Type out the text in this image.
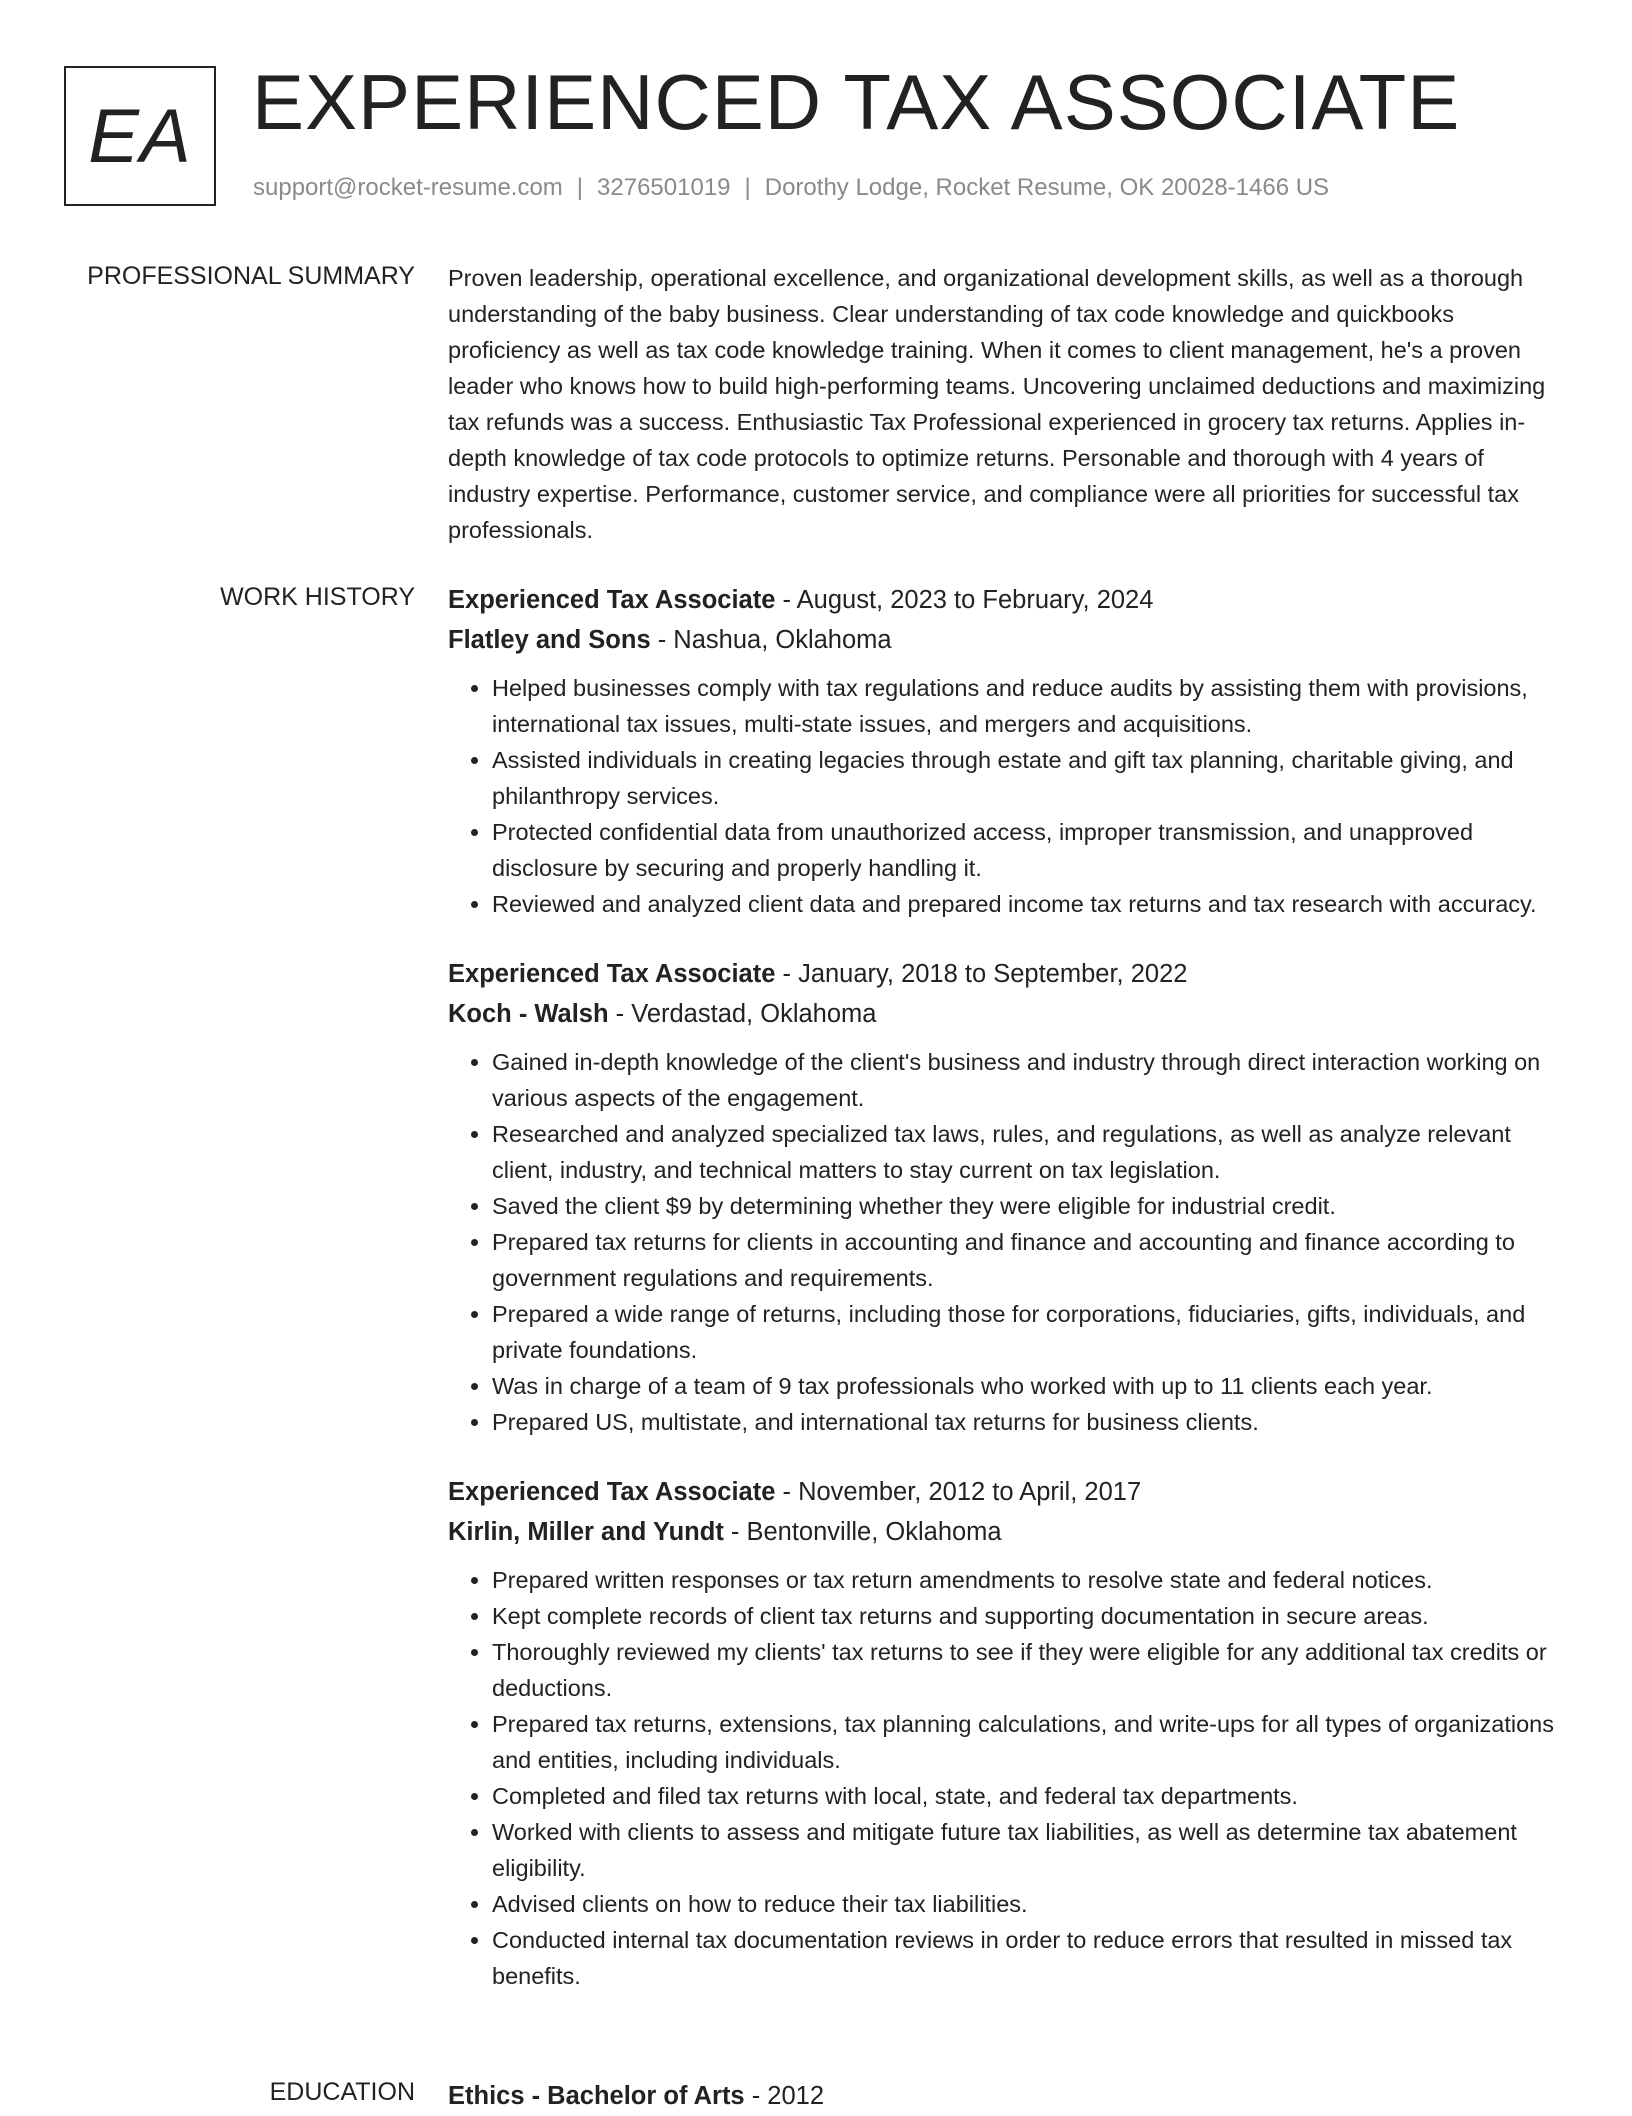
EA EXPERIENCED TAX ASSOCIATE
support@rocket-resume.com | 3276501019 | Dorothy Lodge, Rocket Resume, OK 20028-1466 US
PROFESSIONAL SUMMARY Proven leadership, operational excellence, and organizational development skills, as well as a thorough understanding of the baby business. Clear understanding of tax code knowledge and quickbooks proficiency as well as tax code knowledge training. When it comes to client management, he's a proven leader who knows how to build high-performing teams. Uncovering unclaimed deductions and maximizing tax refunds was a success. Enthusiastic Tax Professional experienced in grocery tax returns. Applies in-depth knowledge of tax code protocols to optimize returns. Personable and thorough with 4 years of industry expertise. Performance, customer service, and compliance were all priorities for successful tax professionals.
WORK HISTORY Experienced Tax Associate - August, 2023 to February, 2024
Flatley and Sons - Nashua, Oklahoma
• Helped businesses comply with tax regulations and reduce audits by assisting them with provisions, international tax issues, multi-state issues, and mergers and acquisitions.
• Assisted individuals in creating legacies through estate and gift tax planning, charitable giving, and philanthropy services.
• Protected confidential data from unauthorized access, improper transmission, and unapproved disclosure by securing and properly handling it.
• Reviewed and analyzed client data and prepared income tax returns and tax research with accuracy.
Experienced Tax Associate - January, 2018 to September, 2022
Koch - Walsh - Verdastad, Oklahoma
• Gained in-depth knowledge of the client's business and industry through direct interaction working on various aspects of the engagement.
• Researched and analyzed specialized tax laws, rules, and regulations, as well as analyze relevant client, industry, and technical matters to stay current on tax legislation.
• Saved the client $9 by determining whether they were eligible for industrial credit.
• Prepared tax returns for clients in accounting and finance and accounting and finance according to government regulations and requirements.
• Prepared a wide range of returns, including those for corporations, fiduciaries, gifts, individuals, and private foundations.
• Was in charge of a team of 9 tax professionals who worked with up to 11 clients each year.
• Prepared US, multistate, and international tax returns for business clients.
Experienced Tax Associate - November, 2012 to April, 2017
Kirlin, Miller and Yundt - Bentonville, Oklahoma
• Prepared written responses or tax return amendments to resolve state and federal notices.
• Kept complete records of client tax returns and supporting documentation in secure areas.
• Thoroughly reviewed my clients' tax returns to see if they were eligible for any additional tax credits or deductions.
• Prepared tax returns, extensions, tax planning calculations, and write-ups for all types of organizations and entities, including individuals.
• Completed and filed tax returns with local, state, and federal tax departments.
• Worked with clients to assess and mitigate future tax liabilities, as well as determine tax abatement eligibility.
• Advised clients on how to reduce their tax liabilities.
• Conducted internal tax documentation reviews in order to reduce errors that resulted in missed tax benefits.
EDUCATION Ethics - Bachelor of Arts - 2012
